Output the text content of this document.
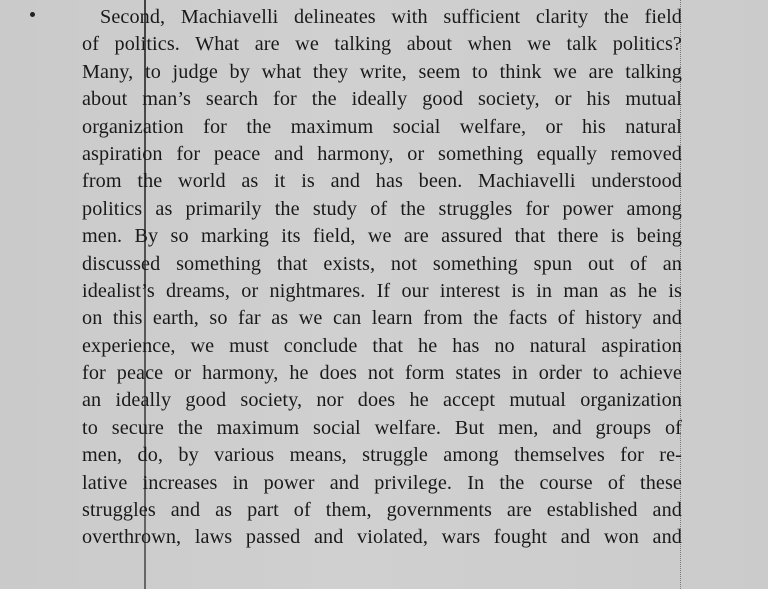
Second, Machiavelli delineates with sufficient clarity the field
of politics. What are we talking about when we talk politics?
Many, to judge by what they write, seem to think we are talking
about man’s search for the ideally good society, or his mutual
organization for the maximum social welfare, or his natural
aspiration for peace and harmony, or something equally removed
from the world as it is and has been. Machiavelli understood
politics as primarily the study of the struggles for power among
men. By so marking its field, we are assured that there is being
discussed something that exists, not something spun out of an
idealist’s dreams, or nightmares. If our interest is in man as he is
on this earth, so far as we can learn from the facts of history and
experience, we must conclude that he has no natural aspiration
for peace or harmony, he does not form states in order to achieve
an ideally good society, nor does he accept mutual organization
to secure the maximum social welfare. But men, and groups of
men, do, by various means, struggle among themselves for re-
lative increases in power and privilege. In the course of these
struggles and as part of them, governments are established and
overthrown, laws passed and violated, wars fought and won and
